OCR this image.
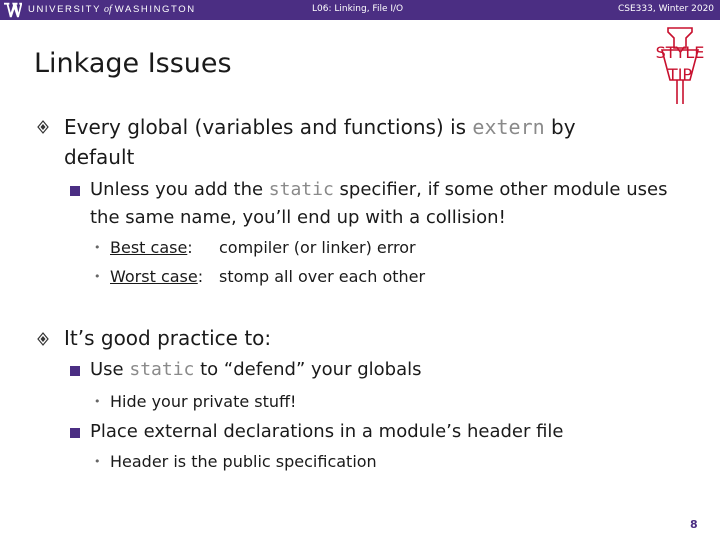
UNIVERSITY of WASHINGTON	L06: Linking, File I/O	CSE333, Winter 2020
Linkage Issues	STYLE
TIP
Every global (variables and functions) is extern by
default
Unless you add the static specifier, if some other module uses
the same name, you’ll end up with a collision!
• Best case: compiler (or linker) error
• Worst case: stomp all over each other
It’s good practice to:
Use static to “defend” your globals
• Hide your private stuff!
Place external declarations in a module’s header file
• Header is the public specification
8
